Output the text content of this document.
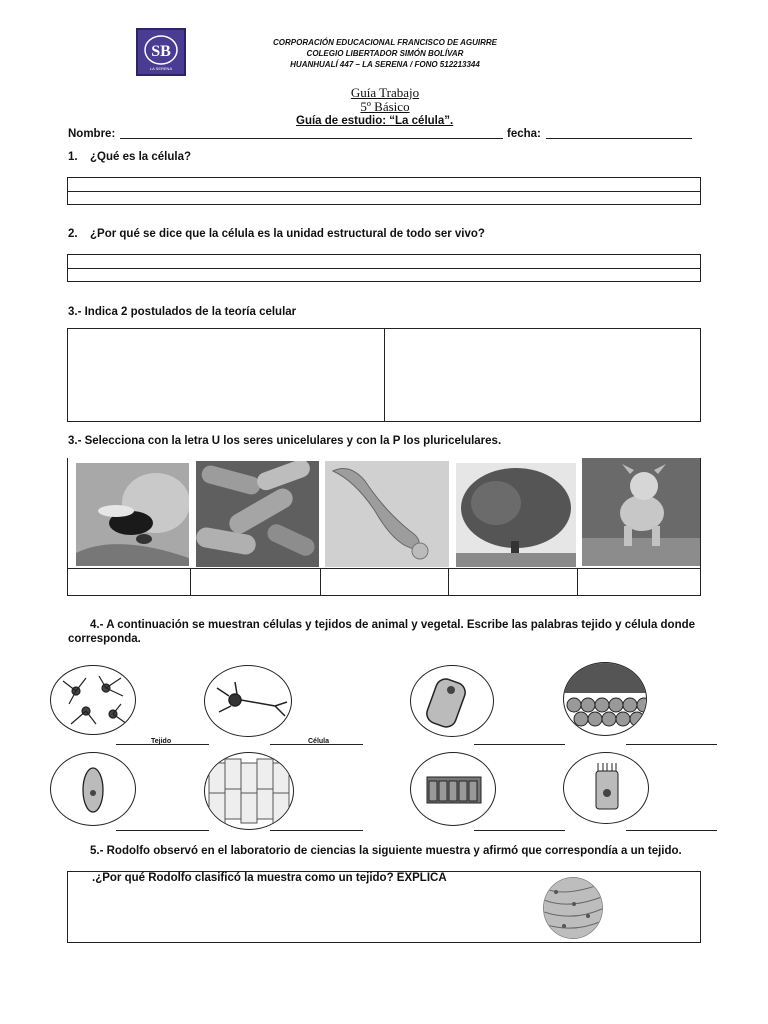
SB
LA SERENA
CORPORACIÓN EDUCACIONAL FRANCISCO DE AGUIRRE
COLEGIO LIBERTADOR SIMÓN BOLÍVAR
HUANHUALÍ 447 – LA SERENA / FONO 512213344
Guía Trabajo
5º Básico
Guía de estudio: “La célula”.
Nombre:	fecha:
1. ¿Qué es la célula?
2. ¿Por qué se dice que la célula es la unidad estructural de todo ser vivo?
3.- Indica 2 postulados de la teoría celular
3.- Selecciona con la letra U los seres unicelulares y con la P los pluricelulares.
4.- A continuación se muestran células y tejidos de animal y vegetal. Escribe las palabras tejido y célula donde corresponda.
Tejido	Célula
5.- Rodolfo observó en el laboratorio de ciencias la siguiente muestra y afirmó que correspondía a un tejido.
.¿Por qué Rodolfo clasificó la muestra como un tejido? EXPLICA
